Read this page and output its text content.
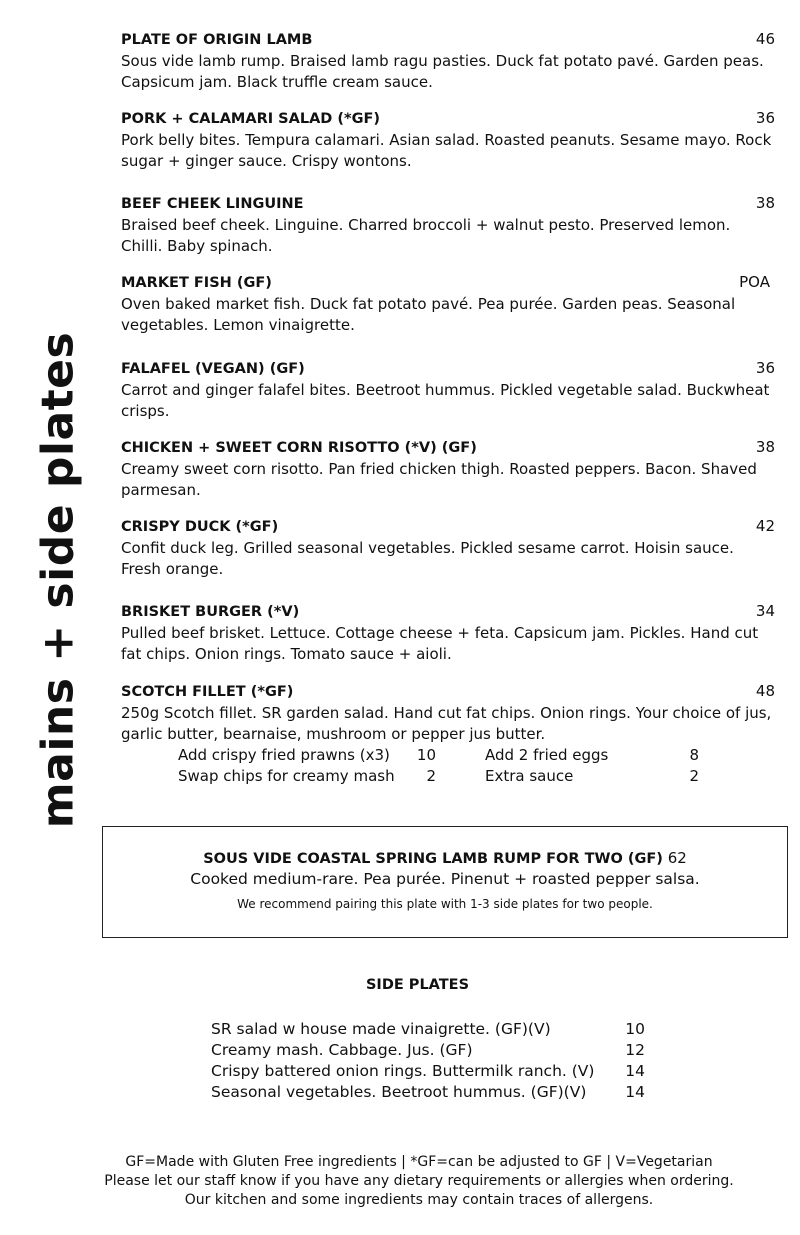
mains + side plates
PLATE OF ORIGIN LAMB	46
Sous vide lamb rump. Braised lamb ragu pasties. Duck fat potato pavé. Garden peas. Capsicum jam. Black truffle cream sauce.
PORK + CALAMARI SALAD (*GF)	36
Pork belly bites. Tempura calamari. Asian salad. Roasted peanuts. Sesame mayo. Rock sugar + ginger sauce. Crispy wontons.
BEEF CHEEK LINGUINE	38
Braised beef cheek. Linguine. Charred broccoli + walnut pesto. Preserved lemon. Chilli. Baby spinach.
MARKET FISH (GF)	POA
Oven baked market fish. Duck fat potato pavé. Pea purée. Garden peas. Seasonal vegetables. Lemon vinaigrette.
FALAFEL (VEGAN) (GF)	36
Carrot and ginger falafel bites. Beetroot hummus. Pickled vegetable salad. Buckwheat crisps.
CHICKEN + SWEET CORN RISOTTO (*V) (GF)	38
Creamy sweet corn risotto. Pan fried chicken thigh. Roasted peppers. Bacon. Shaved parmesan.
CRISPY DUCK (*GF)	42
Confit duck leg. Grilled seasonal vegetables. Pickled sesame carrot. Hoisin sauce. Fresh orange.
BRISKET BURGER (*V)	34
Pulled beef brisket. Lettuce. Cottage cheese + feta. Capsicum jam. Pickles. Hand cut fat chips. Onion rings. Tomato sauce + aioli.
SCOTCH FILLET (*GF)	48
250g Scotch fillet. SR garden salad. Hand cut fat chips. Onion rings. Your choice of jus, garlic butter, bearnaise, mushroom or pepper jus butter.
Add crispy fried prawns (x3) 10	Add 2 fried eggs	8
Swap chips for creamy mash 2	Extra sauce	2
SOUS VIDE COASTAL SPRING LAMB RUMP FOR TWO (GF) 62
Cooked medium-rare. Pea purée. Pinenut + roasted pepper salsa.
We recommend pairing this plate with 1-3 side plates for two people.
SIDE PLATES
SR salad w house made vinaigrette. (GF)(V)	10
Creamy mash. Cabbage. Jus. (GF)	12
Crispy battered onion rings. Buttermilk ranch. (V)	14
Seasonal vegetables. Beetroot hummus. (GF)(V)	14
GF=Made with Gluten Free ingredients | *GF=can be adjusted to GF | V=Vegetarian
Please let our staff know if you have any dietary requirements or allergies when ordering.
Our kitchen and some ingredients may contain traces of allergens.
